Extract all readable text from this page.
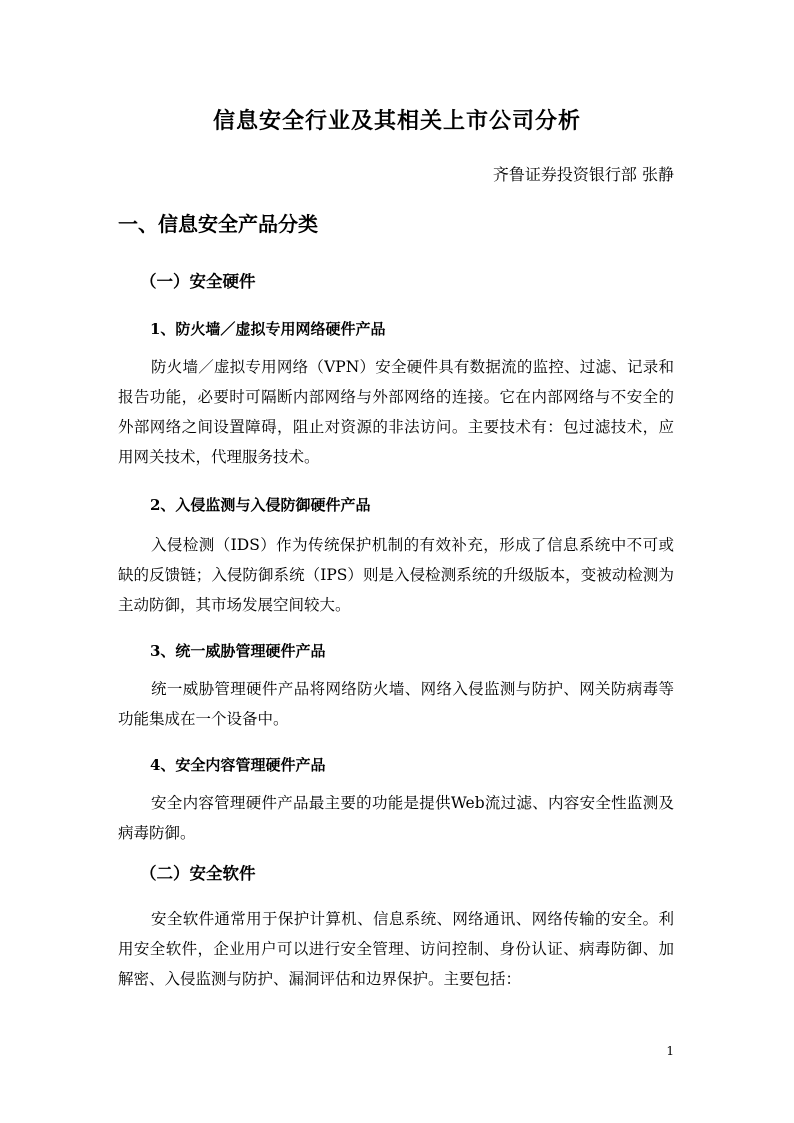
信息安全行业及其相关上市公司分析

齐鲁证券投资银行部 张静

一、信息安全产品分类
（一）安全硬件
1、防火墙／虚拟专用网络硬件产品

防火墙／虚拟专用网络（VPN）安全硬件具有数据流的监控、过滤、记录和报告功能，必要时可隔断内部网络与外部网络的连接。它在内部网络与不安全的外部网络之间设置障碍，阻止对资源的非法访问。主要技术有：包过滤技术，应用网关技术，代理服务技术。

2、入侵监测与入侵防御硬件产品

入侵检测（IDS）作为传统保护机制的有效补充，形成了信息系统中不可或缺的反馈链；入侵防御系统（IPS）则是入侵检测系统的升级版本，变被动检测为主动防御，其市场发展空间较大。

3、统一威胁管理硬件产品

统一威胁管理硬件产品将网络防火墙、网络入侵监测与防护、网关防病毒等功能集成在一个设备中。

4、安全内容管理硬件产品

安全内容管理硬件产品最主要的功能是提供Web流过滤、内容安全性监测及病毒防御。

（二）安全软件

安全软件通常用于保护计算机、信息系统、网络通讯、网络传输的安全。利用安全软件，企业用户可以进行安全管理、访问控制、身份认证、病毒防御、加解密、入侵监测与防护、漏洞评估和边界保护。主要包括：

1
